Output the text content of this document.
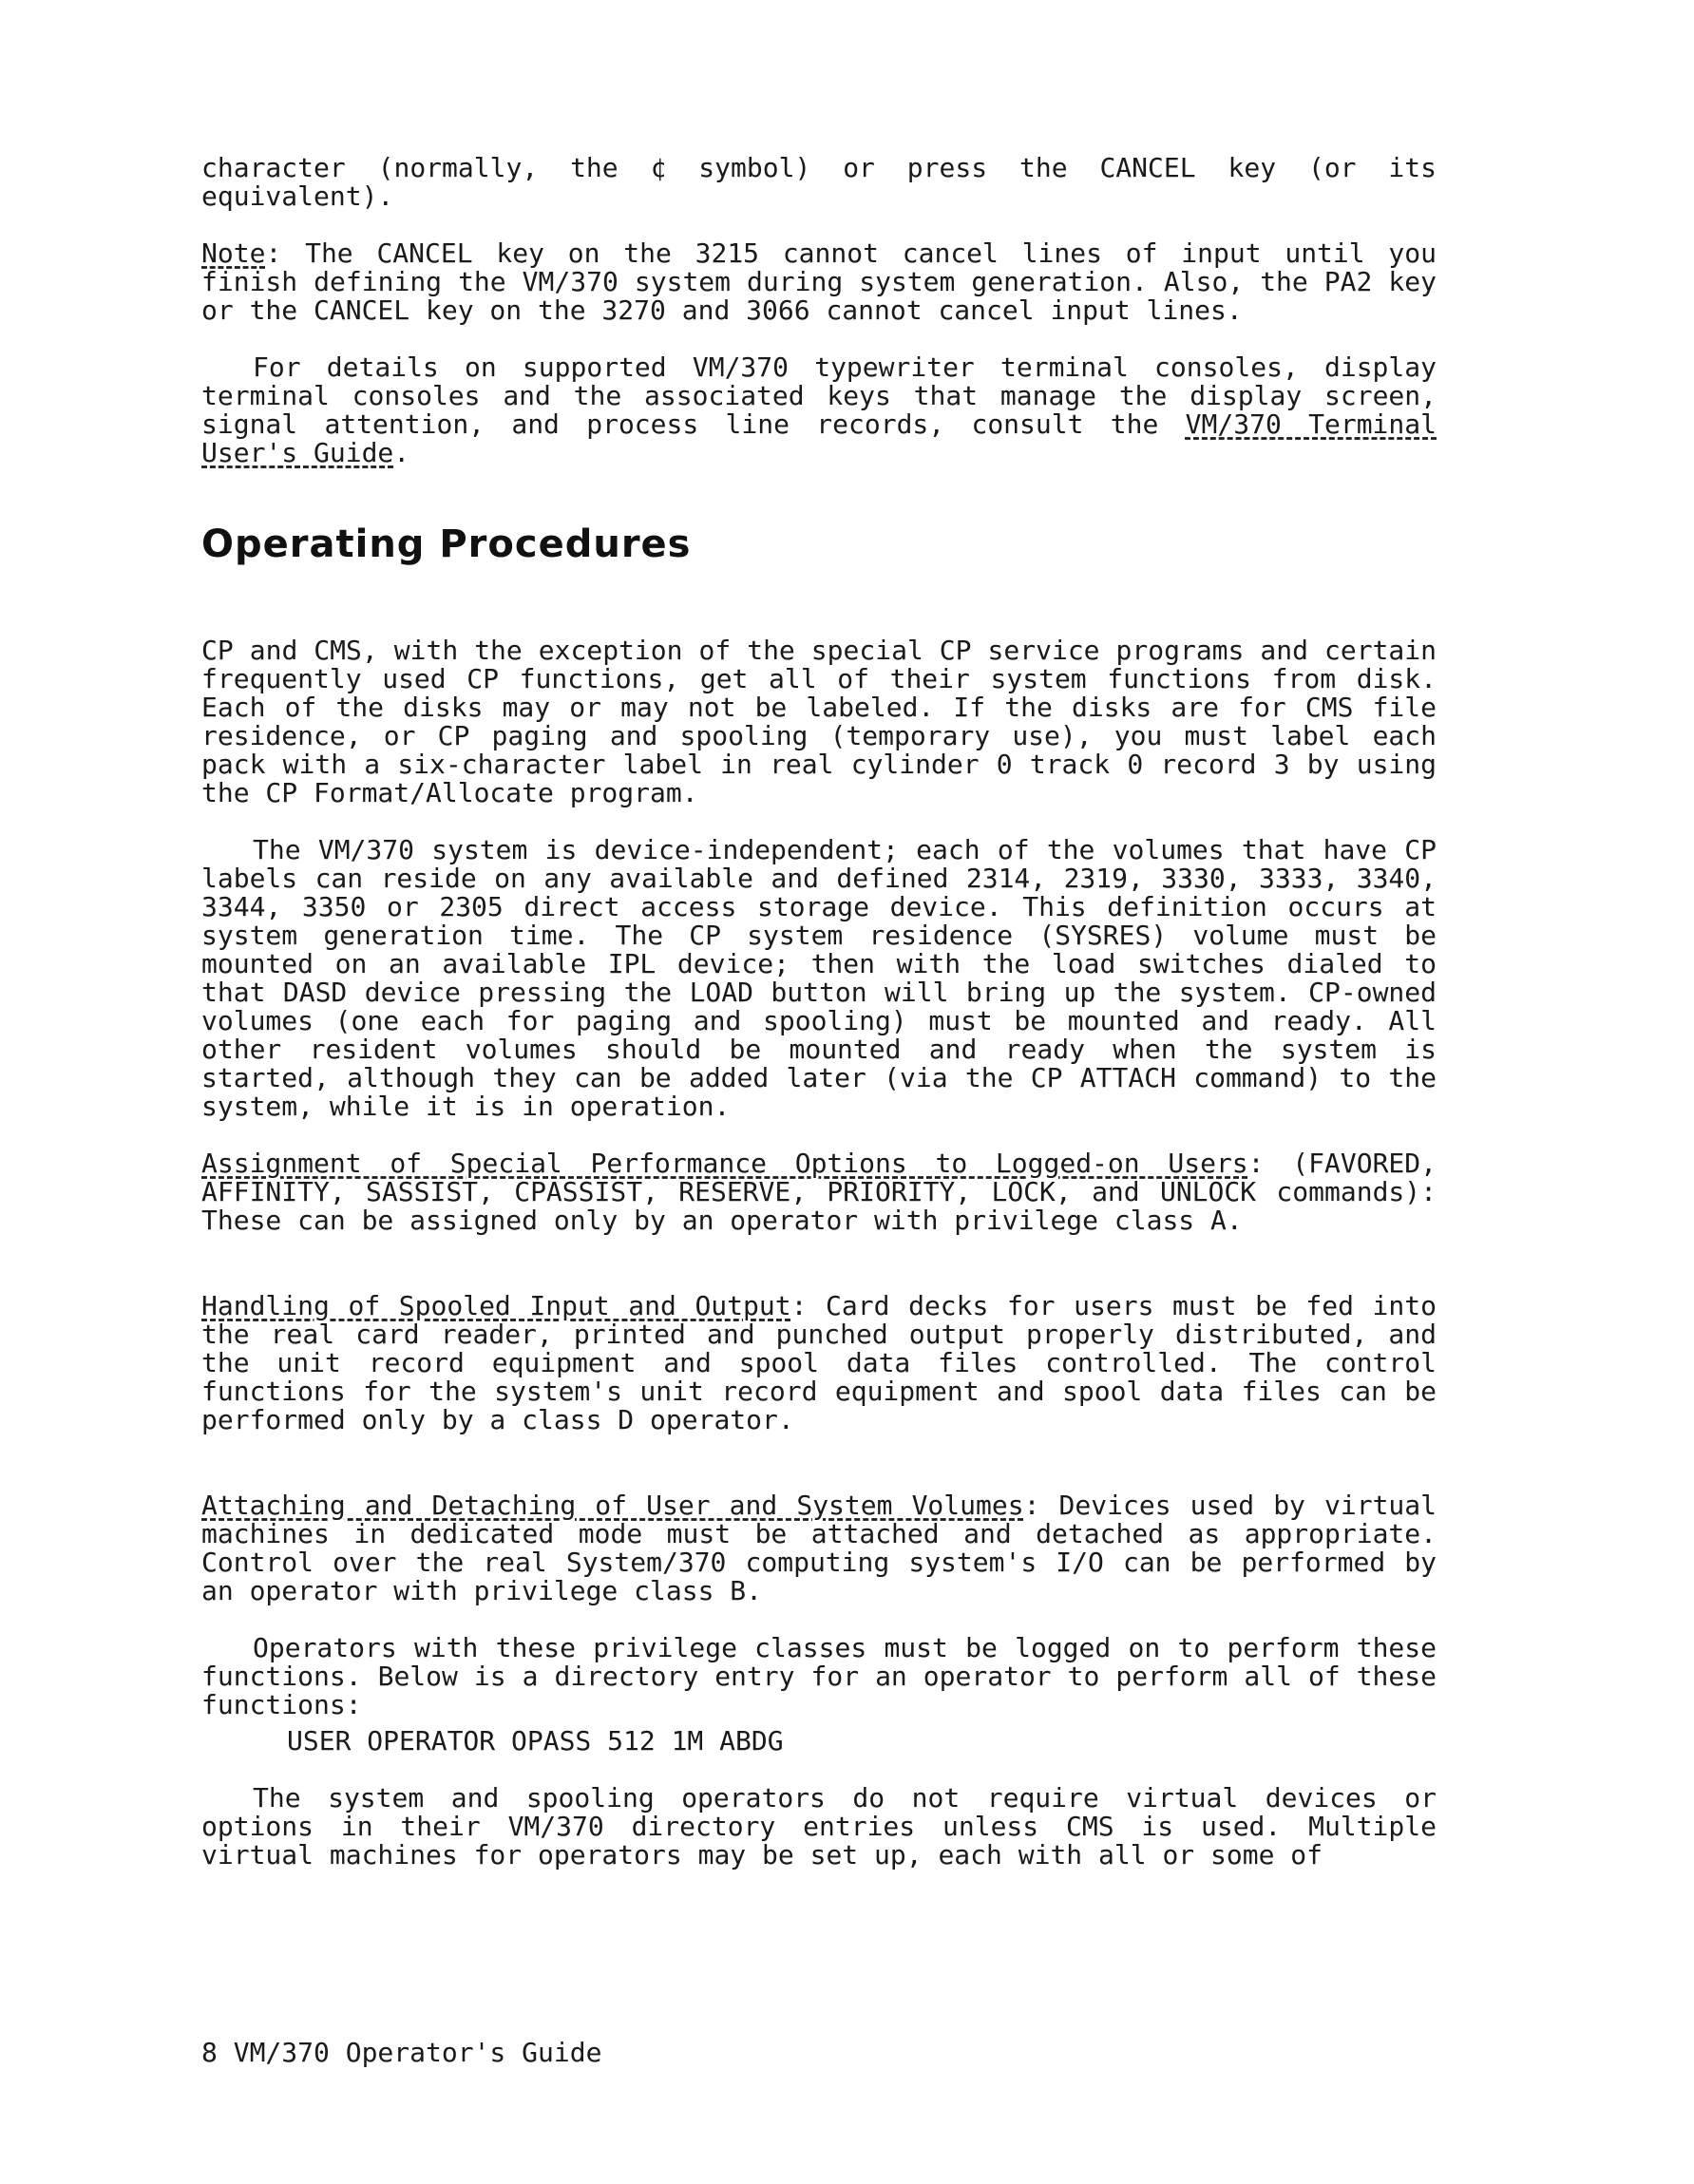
character (normally, the ¢ symbol) or press the CANCEL key (or its equivalent).

Note: The CANCEL key on the 3215 cannot cancel lines of input until you finish defining the VM/370 system during system generation. Also, the PA2 key or the CANCEL key on the 3270 and 3066 cannot cancel input lines.

For details on supported VM/370 typewriter terminal consoles, display terminal consoles and the associated keys that manage the display screen, signal attention, and process line records, consult the VM/370 Terminal User's Guide.

Operating Procedures

CP and CMS, with the exception of the special CP service programs and certain frequently used CP functions, get all of their system functions from disk. Each of the disks may or may not be labeled. If the disks are for CMS file residence, or CP paging and spooling (temporary use), you must label each pack with a six-character label in real cylinder 0 track 0 record 3 by using the CP Format/Allocate program.

The VM/370 system is device-independent; each of the volumes that have CP labels can reside on any available and defined 2314, 2319, 3330, 3333, 3340, 3344, 3350 or 2305 direct access storage device. This definition occurs at system generation time. The CP system residence (SYSRES) volume must be mounted on an available IPL device; then with the load switches dialed to that DASD device pressing the LOAD button will bring up the system. CP-owned volumes (one each for paging and spooling) must be mounted and ready. All other resident volumes should be mounted and ready when the system is started, although they can be added later (via the CP ATTACH command) to the system, while it is in operation.

Assignment of Special Performance Options to Logged-on Users: (FAVORED, AFFINITY, SASSIST, CPASSIST, RESERVE, PRIORITY, LOCK, and UNLOCK commands): These can be assigned only by an operator with privilege class A.

Handling of Spooled Input and Output: Card decks for users must be fed into the real card reader, printed and punched output properly distributed, and the unit record equipment and spool data files controlled. The control functions for the system's unit record equipment and spool data files can be performed only by a class D operator.

Attaching and Detaching of User and System Volumes: Devices used by virtual machines in dedicated mode must be attached and detached as appropriate. Control over the real System/370 computing system's I/O can be performed by an operator with privilege class B.

Operators with these privilege classes must be logged on to perform these functions. Below is a directory entry for an operator to perform all of these functions:

USER OPERATOR OPASS 512 1M ABDG

The system and spooling operators do not require virtual devices or options in their VM/370 directory entries unless CMS is used. Multiple virtual machines for operators may be set up, each with all or some of

8 VM/370 Operator's Guide
